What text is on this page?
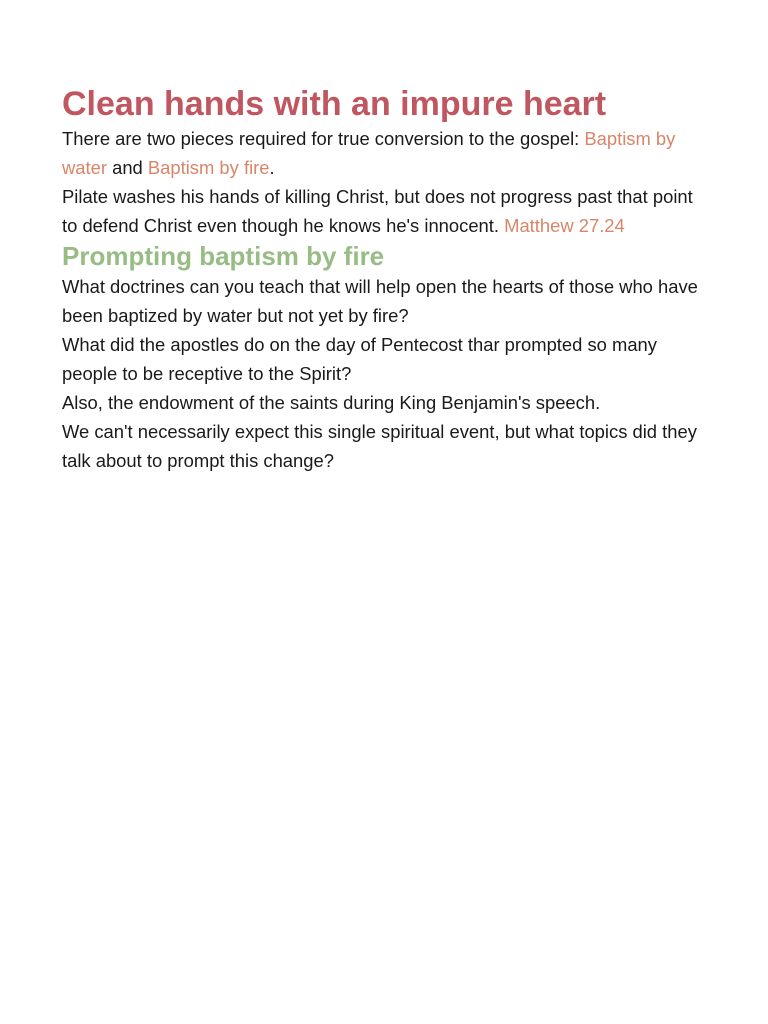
Clean hands with an impure heart

There are two pieces required for true conversion to the gospel: Baptism by water and Baptism by fire.

Pilate washes his hands of killing Christ, but does not progress past that point to defend Christ even though he knows he's innocent. Matthew 27.24

Prompting baptism by fire

What doctrines can you teach that will help open the hearts of those who have been baptized by water but not yet by fire?

What did the apostles do on the day of Pentecost thar prompted so many people to be receptive to the Spirit?

Also, the endowment of the saints during King Benjamin's speech.

We can't necessarily expect this single spiritual event, but what topics did they talk about to prompt this change?
